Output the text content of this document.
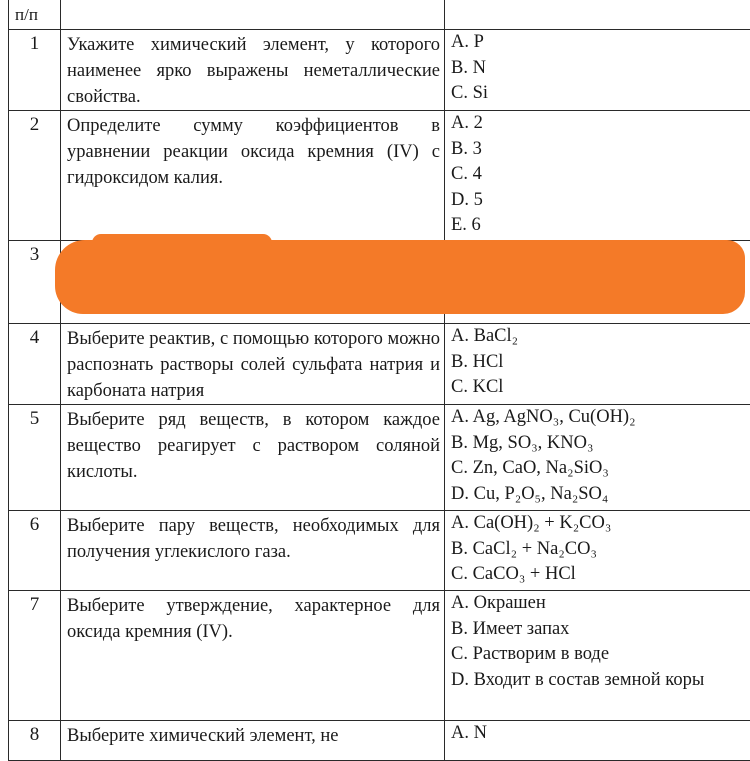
п/п		

1	Укажите химический элемент, у которого наименее ярко выражены неметаллические свойства.	A. P
B. N
C. Si

2	Определите сумму коэффициентов в уравнении реакции оксида кремния (IV) с гидроксидом калия.	A. 2
B. 3
C. 4
D. 5
E. 6

3		
4	Выберите реактив, с помощью которого можно распознать растворы солей сульфата натрия и карбоната натрия	A. BaCl₂
B. HCl
C. KCl

5	Выберите ряд веществ, в котором каждое вещество реагирует с раствором соляной кислоты.	A. Ag, AgNO₃, Cu(OH)₂
B. Mg, SO₃, KNO₃
C. Zn, CaO, Na₂SiO₃
D. Cu, P₂O₅, Na₂SO₄

6	Выберите пару веществ, необходимых для получения углекислого газа.	A. Ca(OH)₂ + K₂CO₃
B. CaCl₂ + Na₂CO₃
C. CaCO₃ + HCl

7	Выберите утверждение, характерное для оксида кремния (IV).	A. Окрашен
B. Имеет запах
C. Растворим в воде
D. Входит в состав земной коры

8	Выберите химический элемент, не	A. N
